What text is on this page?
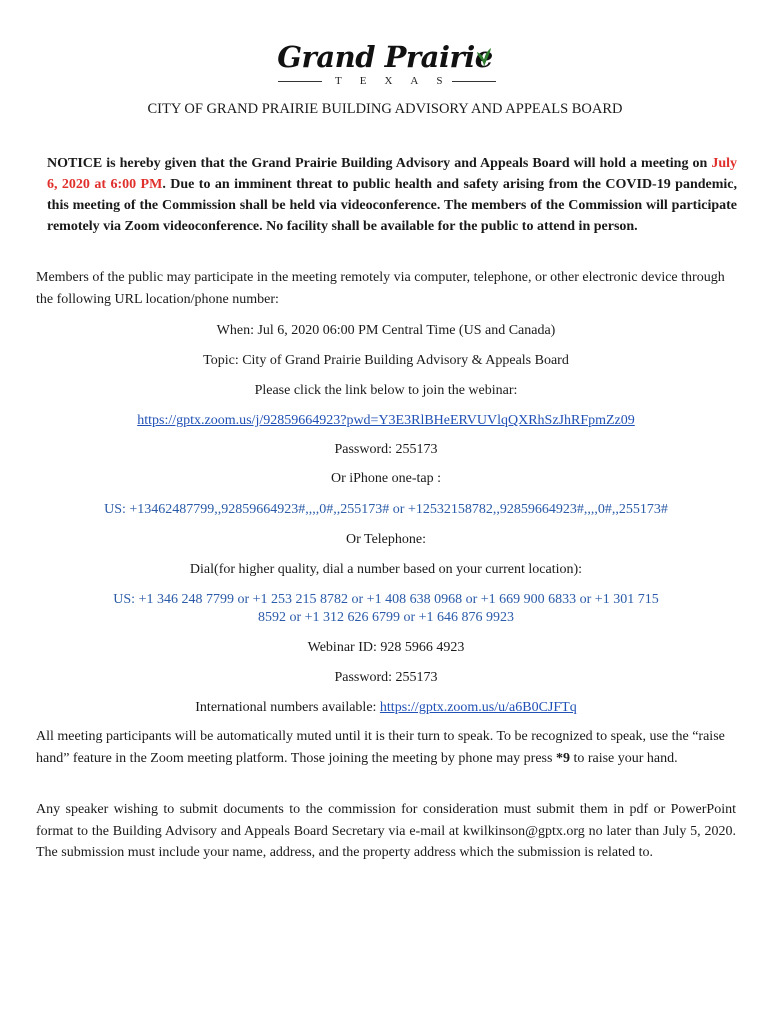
Grand Prairie
TEXAS
CITY OF GRAND PRAIRIE BUILDING ADVISORY AND APPEALS BOARD
NOTICE is hereby given that the Grand Prairie Building Advisory and Appeals Board will hold a meeting on July 6, 2020 at 6:00 PM. Due to an imminent threat to public health and safety arising from the COVID-19 pandemic, this meeting of the Commission shall be held via videoconference. The members of the Commission will participate remotely via Zoom videoconference. No facility shall be available for the public to attend in person.
Members of the public may participate in the meeting remotely via computer, telephone, or other electronic device through the following URL location/phone number:
When: Jul 6, 2020 06:00 PM Central Time (US and Canada)
Topic: City of Grand Prairie Building Advisory & Appeals Board
Please click the link below to join the webinar:
https://gptx.zoom.us/j/92859664923?pwd=Y3E3RlBHeERVUVlqQXRhSzJhRFpmZz09
Password: 255173
Or iPhone one-tap :
US: +13462487799,,92859664923#,,,,0#,,255173# or +12532158782,,92859664923#,,,,0#,,255173#
Or Telephone:
Dial(for higher quality, dial a number based on your current location):
US: +1 346 248 7799 or +1 253 215 8782 or +1 408 638 0968 or +1 669 900 6833 or +1 301 715
8592 or +1 312 626 6799 or +1 646 876 9923
Webinar ID: 928 5966 4923
Password: 255173
International numbers available: https://gptx.zoom.us/u/a6B0CJFTq
All meeting participants will be automatically muted until it is their turn to speak. To be recognized to speak, use the “raise hand” feature in the Zoom meeting platform. Those joining the meeting by phone may press *9 to raise your hand.
Any speaker wishing to submit documents to the commission for consideration must submit them in pdf or PowerPoint format to the Building Advisory and Appeals Board Secretary via e-mail at kwilkinson@gptx.org no later than July 5, 2020. The submission must include your name, address, and the property address which the submission is related to.
